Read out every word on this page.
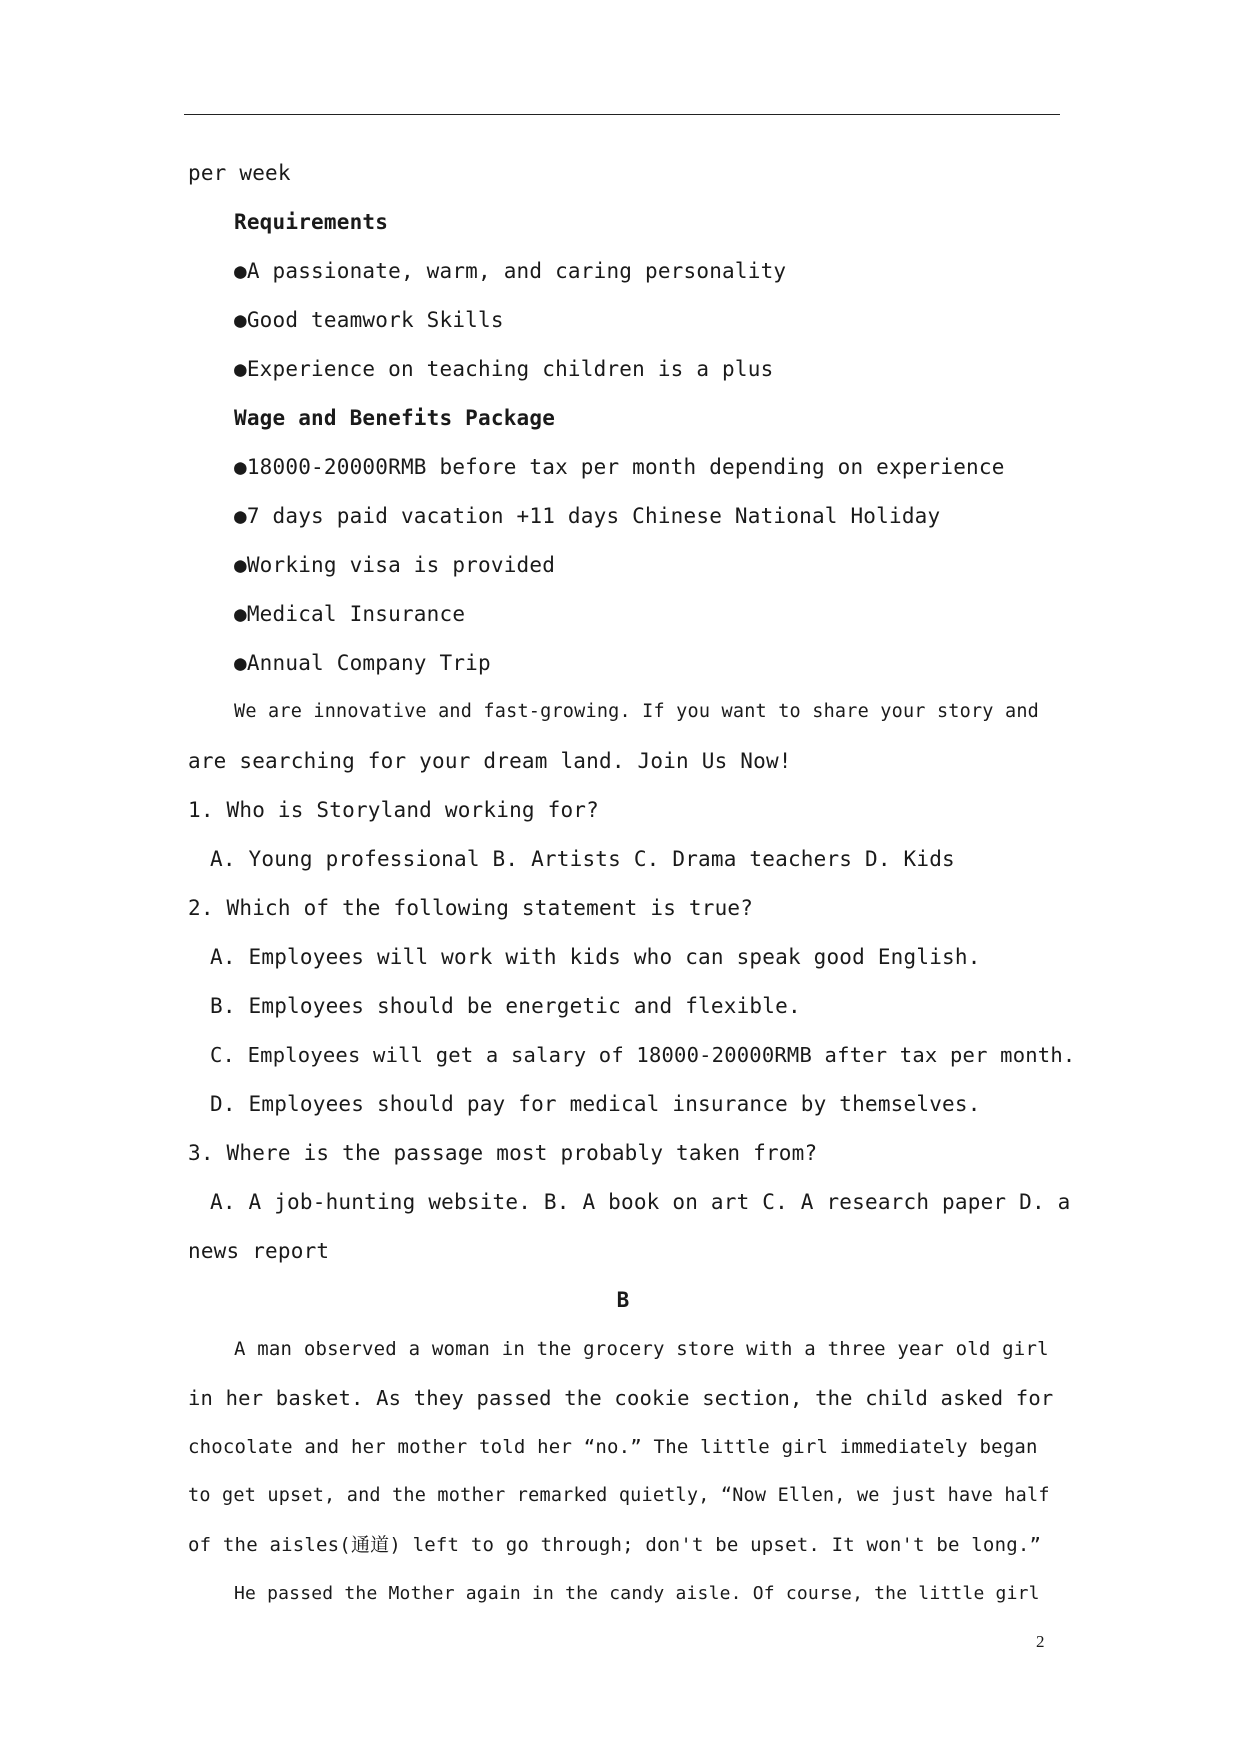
per week
Requirements
●A passionate, warm, and caring personality
●Good teamwork Skills
●Experience on teaching children is a plus
Wage and Benefits Package
●18000-20000RMB before tax per month depending on experience
●7 days paid vacation +11 days Chinese National Holiday
●Working visa is provided
●Medical Insurance
●Annual Company Trip
We are innovative and fast-growing. If you want to share your story and
are searching for your dream land. Join Us Now!
1. Who is Storyland working for?
A. Young professional B. Artists C. Drama teachers D. Kids
2. Which of the following statement is true?
A. Employees will work with kids who can speak good English.
B. Employees should be energetic and flexible.
C. Employees will get a salary of 18000-20000RMB after tax per month.
D. Employees should pay for medical insurance by themselves.
3. Where is the passage most probably taken from?
A. A job-hunting website. B. A book on art C. A research paper D. a
news report
B
A man observed a woman in the grocery store with a three year old girl
in her basket. As they passed the cookie section, the child asked for
chocolate and her mother told her “no.” The little girl immediately began
to get upset, and the mother remarked quietly, “Now Ellen, we just have half
of the aisles(通道) left to go through; don't be upset. It won't be long.”
He passed the Mother again in the candy aisle. Of course, the little girl
2
